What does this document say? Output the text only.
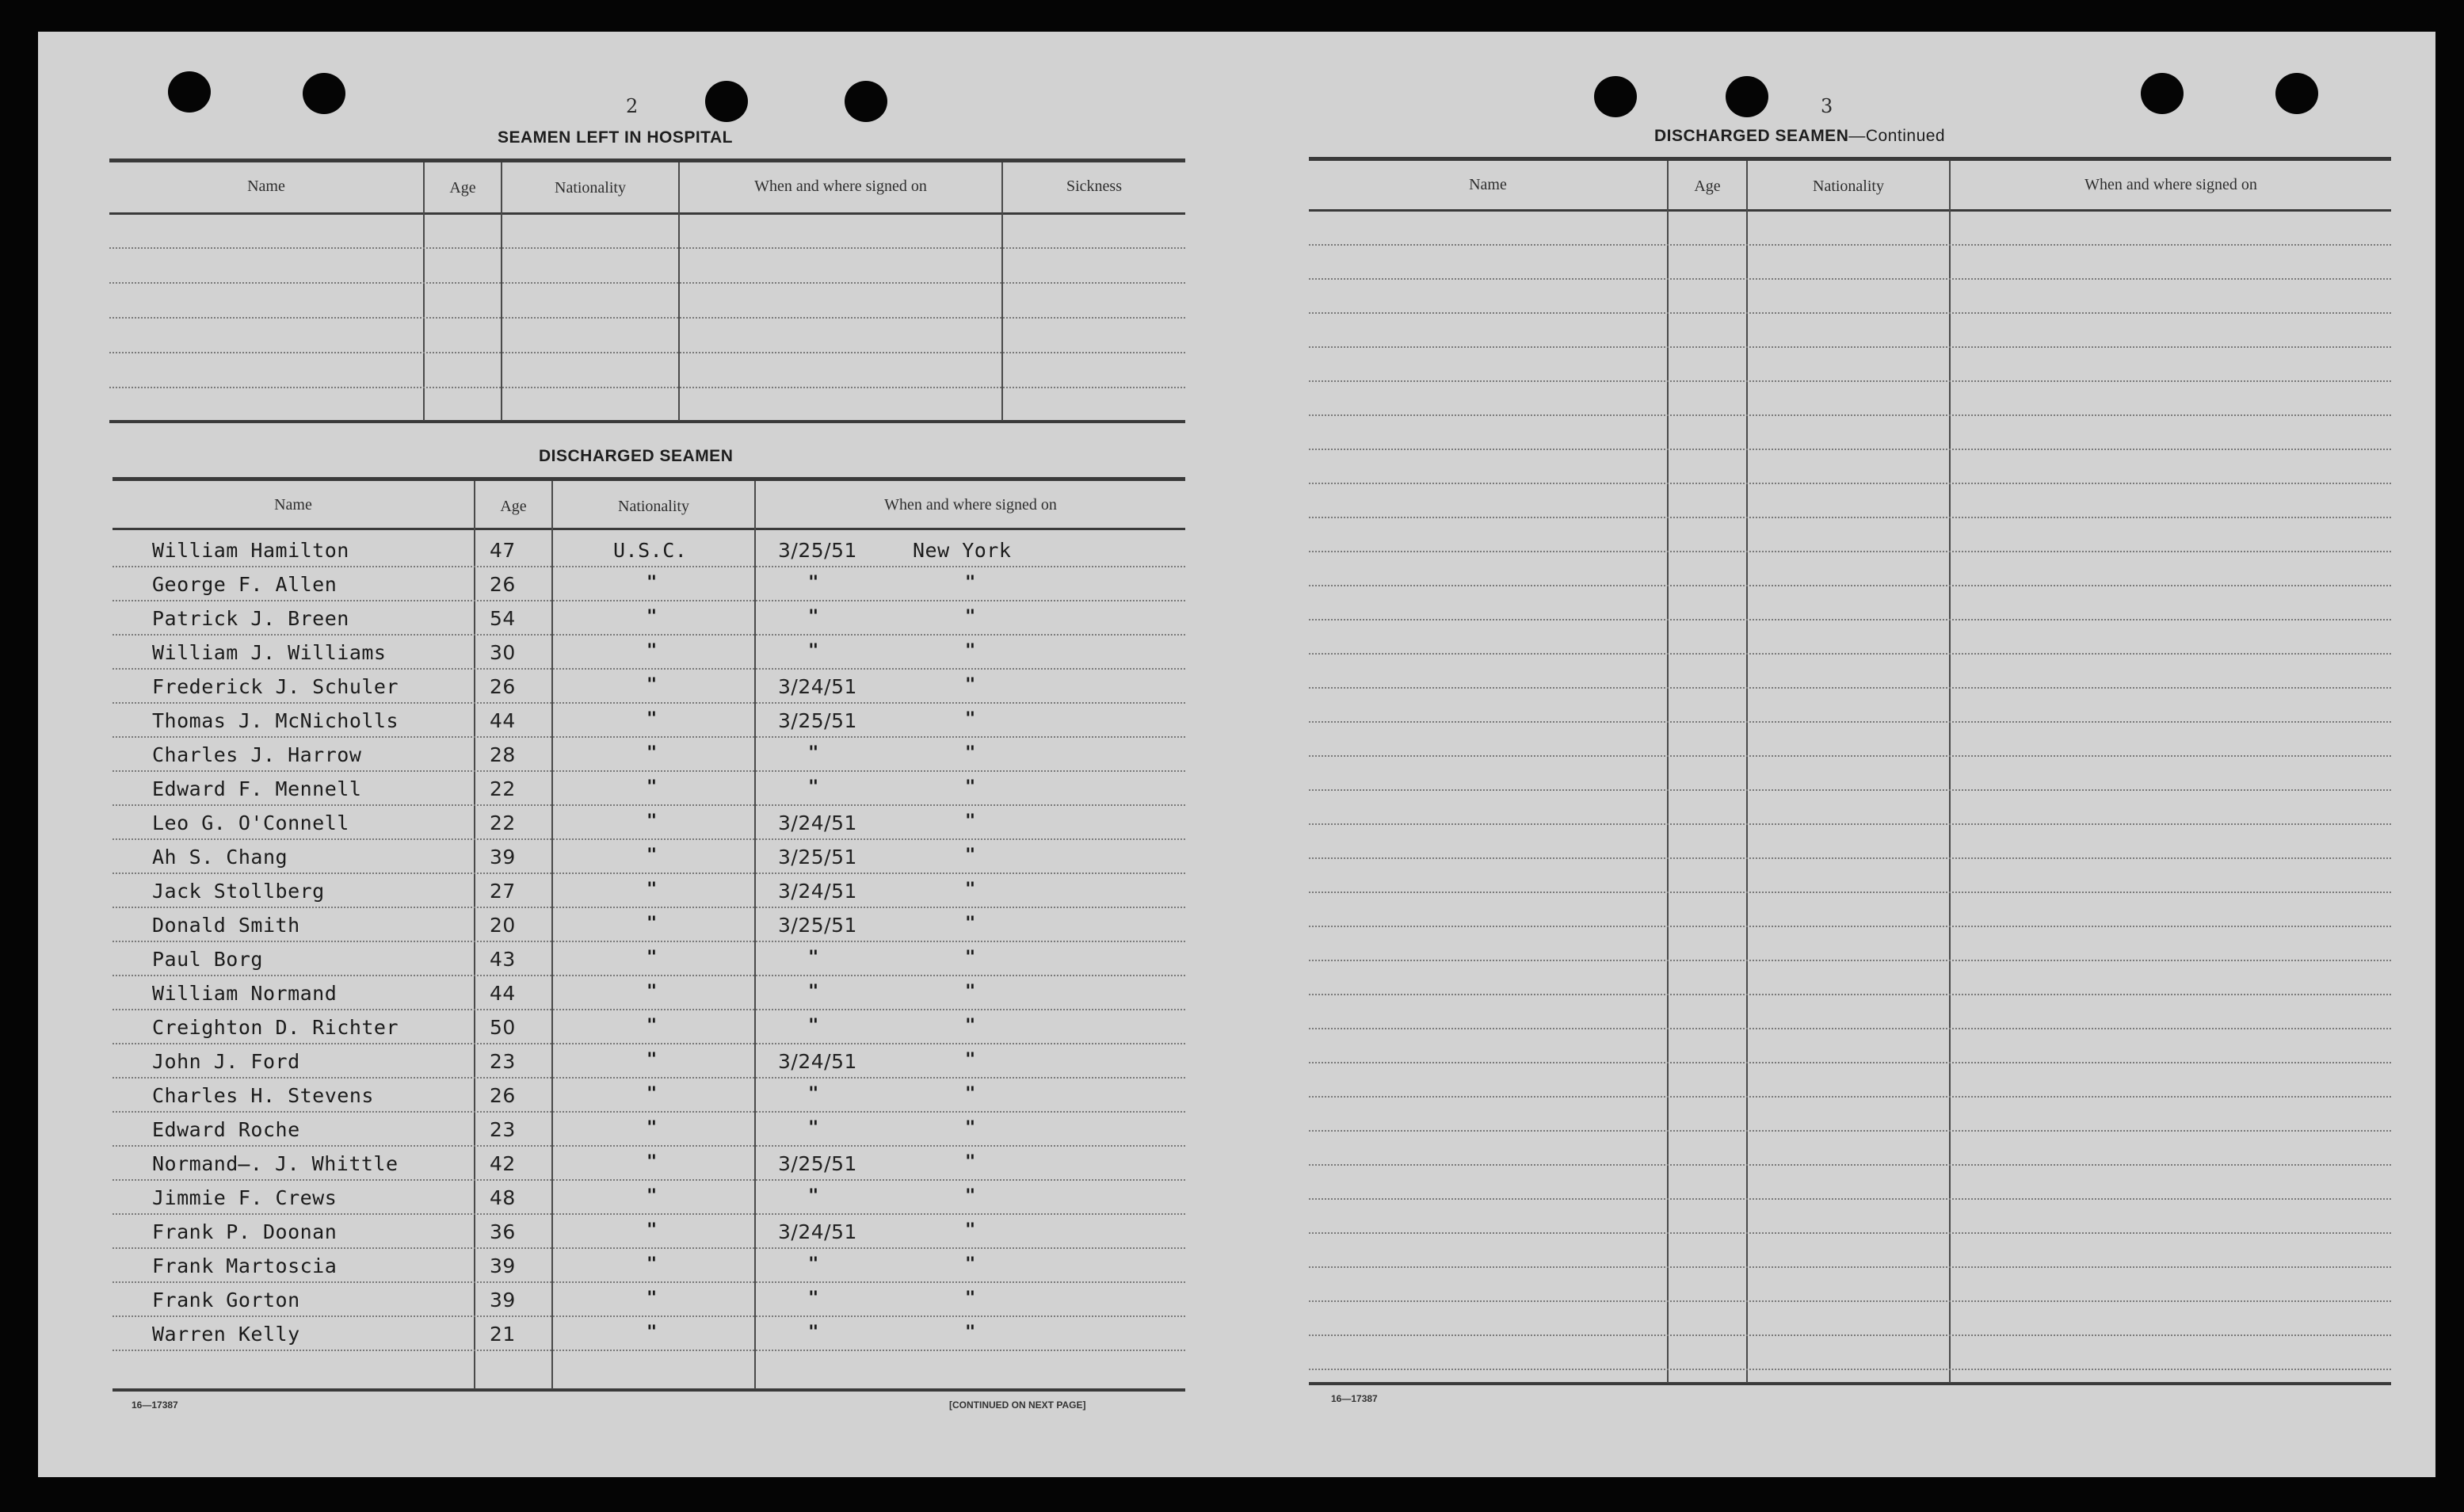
2
SEAMEN LEFT IN HOSPITAL
Name	Age	Nationality	When and where signed on	Sickness
DISCHARGED SEAMEN
Name	Age	Nationality	When and where signed on
William Hamilton	47	U.S.C.	3/25/51	New York
George F. Allen	26	"	"	"
Patrick J. Breen	54	"	"	"
William J. Williams	30	"	"	"
Frederick J. Schuler	26	"	3/24/51	"
Thomas J. McNicholls	44	"	3/25/51	"
Charles J. Harrow	28	"	"	"
Edward F. Mennell	22	"	"	"
Leo G. O'Connell	22	"	3/24/51	"
Ah S. Chang	39	"	3/25/51	"
Jack Stollberg	27	"	3/24/51	"
Donald Smith	20	"	3/25/51	"
Paul Borg	43	"	"	"
William Normand	44	"	"	"
Creighton D. Richter	50	"	"	"
John J. Ford	23	"	3/24/51	"
Charles H. Stevens	26	"	"	"
Edward Roche	23	"	"	"
Normand̶. J. Whittle	42	"	3/25/51	"
Jimmie F. Crews	48	"	"	"
Frank P. Doonan	36	"	3/24/51	"
Frank Martoscia	39	"	"	"
Frank Gorton	39	"	"	"
Warren Kelly	21	"	"	"
16—17387	[CONTINUED ON NEXT PAGE]
3
DISCHARGED SEAMEN—Continued
Name	Age	Nationality	When and where signed on
16—17387
